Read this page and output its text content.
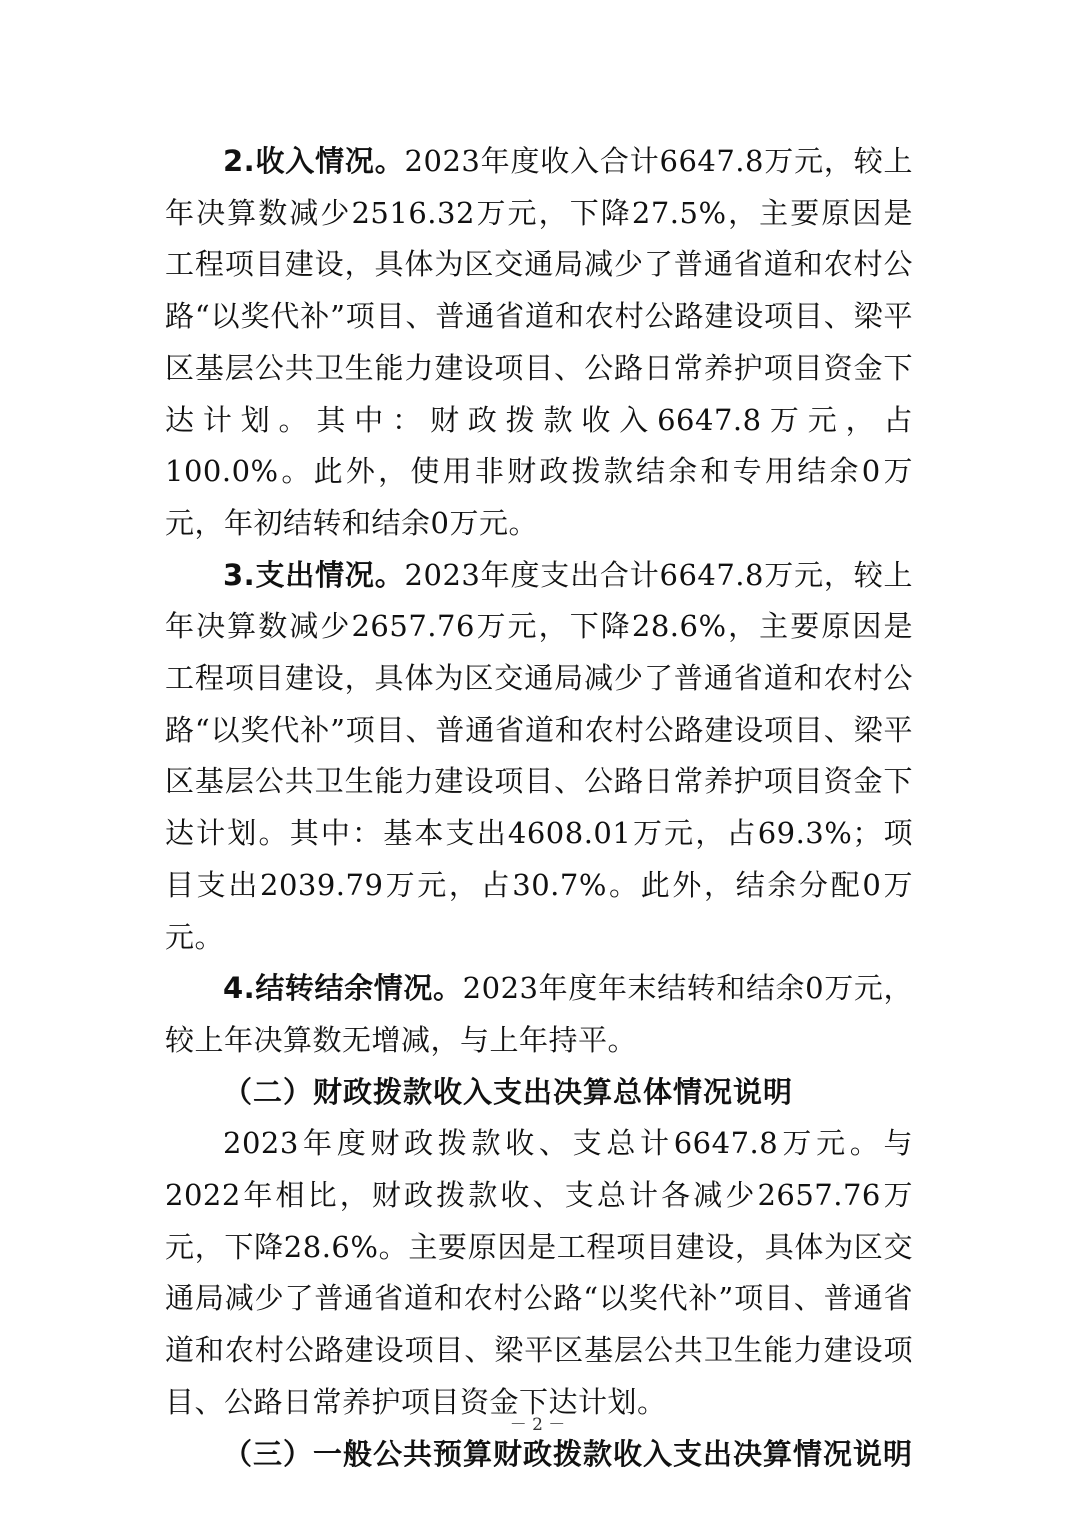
2.收入情况。2023年度收入合计6647.8万元，较上年决算数减少2516.32万元，下降27.5%，主要原因是工程项目建设，具体为区交通局减少了普通省道和农村公路“以奖代补”项目、普通省道和农村公路建设项目、梁平区基层公共卫生能力建设项目、公路日常养护项目资金下达计划。其中：财政拨款收入6647.8万元，占100.0%。此外，使用非财政拨款结余和专用结余0万元，年初结转和结余0万元。

3.支出情况。2023年度支出合计6647.8万元，较上年决算数减少2657.76万元，下降28.6%，主要原因是工程项目建设，具体为区交通局减少了普通省道和农村公路“以奖代补”项目、普通省道和农村公路建设项目、梁平区基层公共卫生能力建设项目、公路日常养护项目资金下达计划。其中：基本支出4608.01万元，占69.3%；项目支出2039.79万元，占30.7%。此外，结余分配0万元。

4.结转结余情况。2023年度年末结转和结余0万元，较上年决算数无增减，与上年持平。

（二）财政拨款收入支出决算总体情况说明

2023年度财政拨款收、支总计6647.8万元。与2022年相比，财政拨款收、支总计各减少2657.76万元，下降28.6%。主要原因是工程项目建设，具体为区交通局减少了普通省道和农村公路“以奖代补”项目、普通省道和农村公路建设项目、梁平区基层公共卫生能力建设项目、公路日常养护项目资金下达计划。

（三）一般公共预算财政拨款收入支出决算情况说明

－ 2 －
